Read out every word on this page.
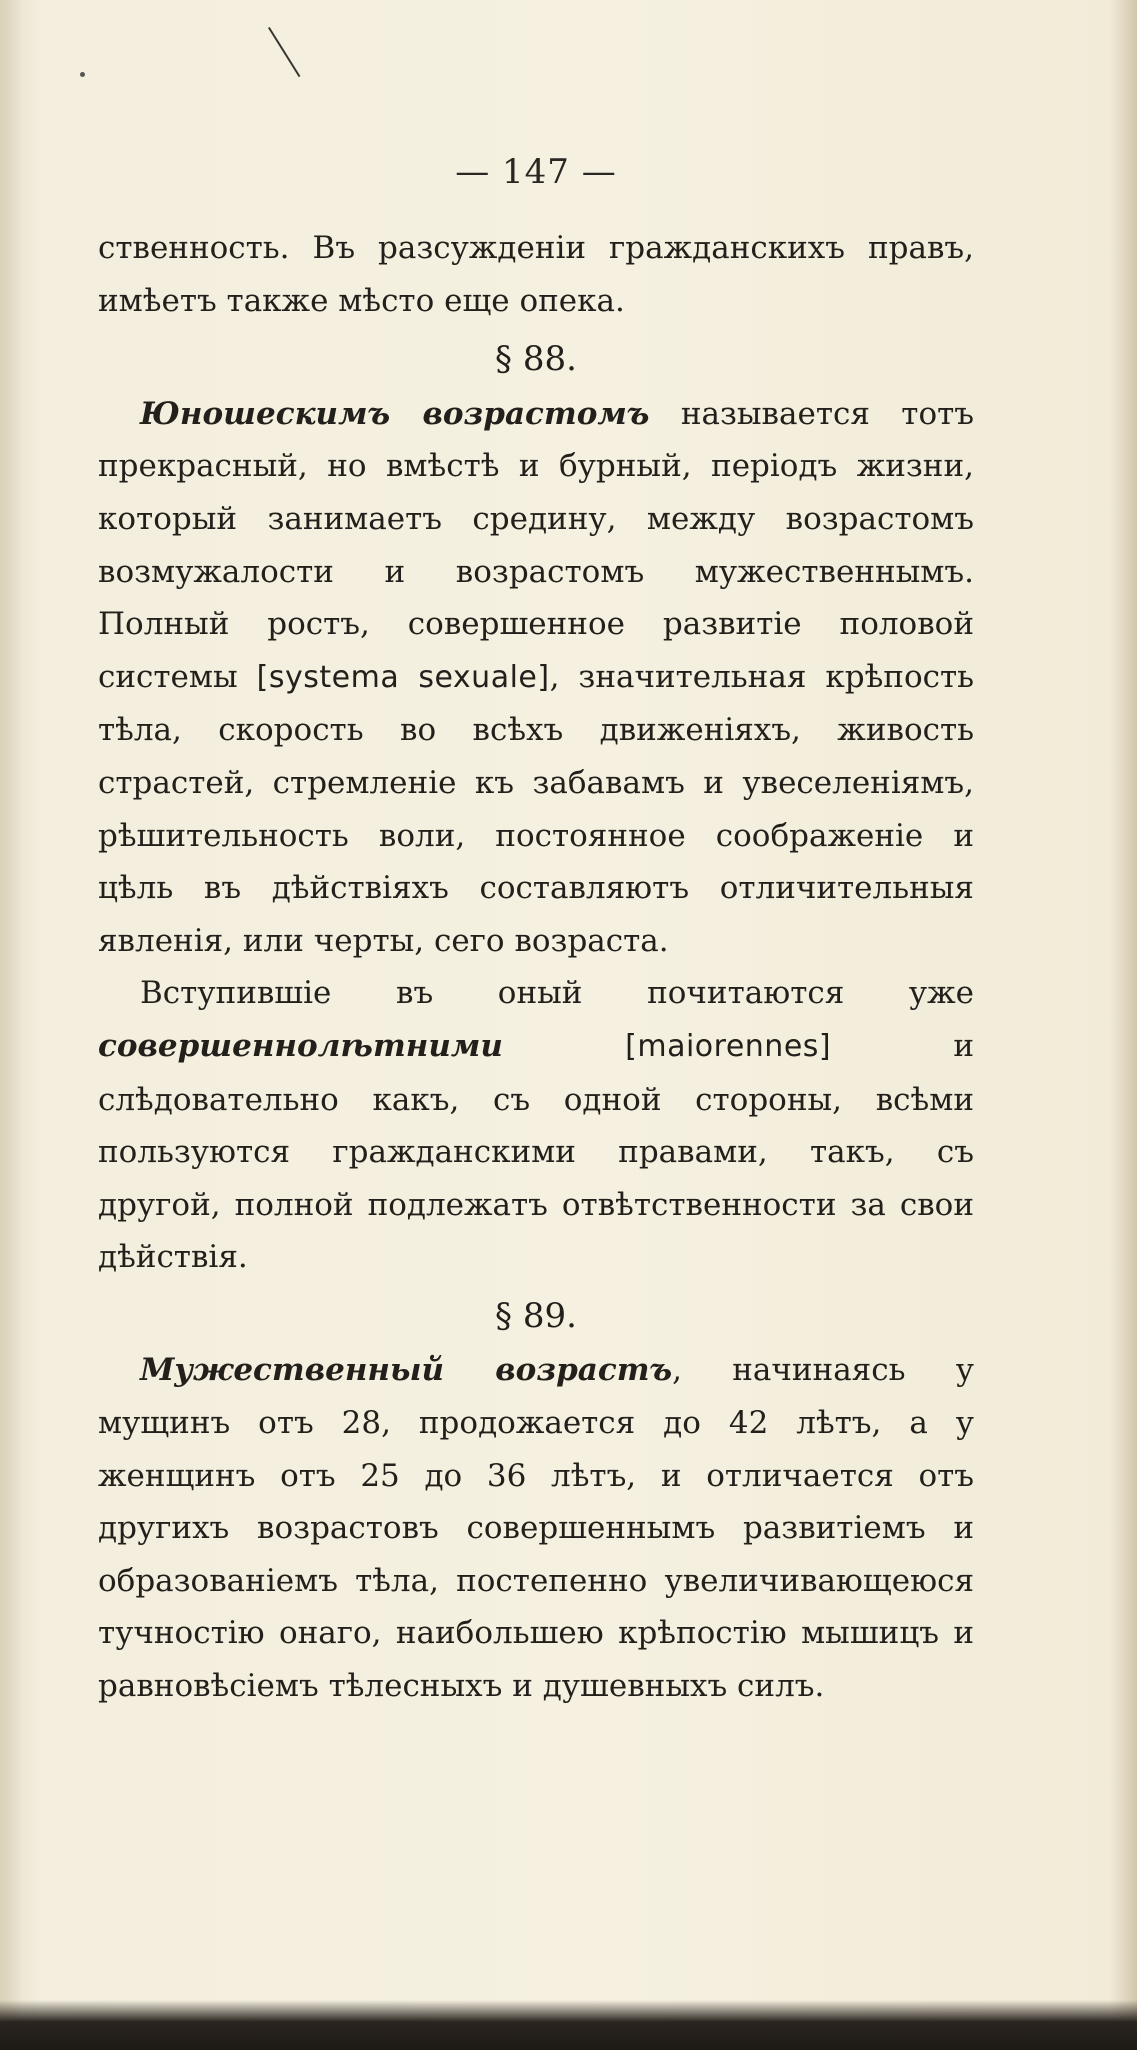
— 147 —

ственность. Въ разсужденіи гражданскихъ правъ, имѣетъ также мѣсто еще опека.

§ 88.

Юношескимъ возрастомъ называется тотъ прекрасный, но вмѣстѣ и бурный, періодъ жизни, который занимаетъ средину, между возрастомъ возмужалости и возрастомъ мужественнымъ. Полный ростъ, совершенное развитіе половой системы [systema sexuale], значительная крѣпость тѣла, скорость во всѣхъ движеніяхъ, живость страстей, стремленіе къ забавамъ и увеселеніямъ, рѣшительность воли, постоянное соображеніе и цѣль въ дѣйствіяхъ составляютъ отличительныя явленія, или черты, сего возраста.

Вступившіе въ оный почитаются уже совершеннолѣтними	[maiorennes] и слѣдовательно какъ, съ одной стороны, всѣми пользуются гражданскими правами, такъ, съ другой, полной подлежатъ отвѣтственности за свои дѣйствія.

§ 89.

Мужественный возрастъ, начинаясь у мущинъ отъ 28, продожается до 42 лѣтъ, а у женщинъ отъ 25 до 36 лѣтъ, и отличается отъ другихъ возрастовъ совершеннымъ развитіемъ и образованіемъ тѣла, постепенно увеличивающеюся тучностію онаго, наибольшею крѣпостію мышицъ и равновѣсіемъ тѣлесныхъ и душевныхъ силъ.
